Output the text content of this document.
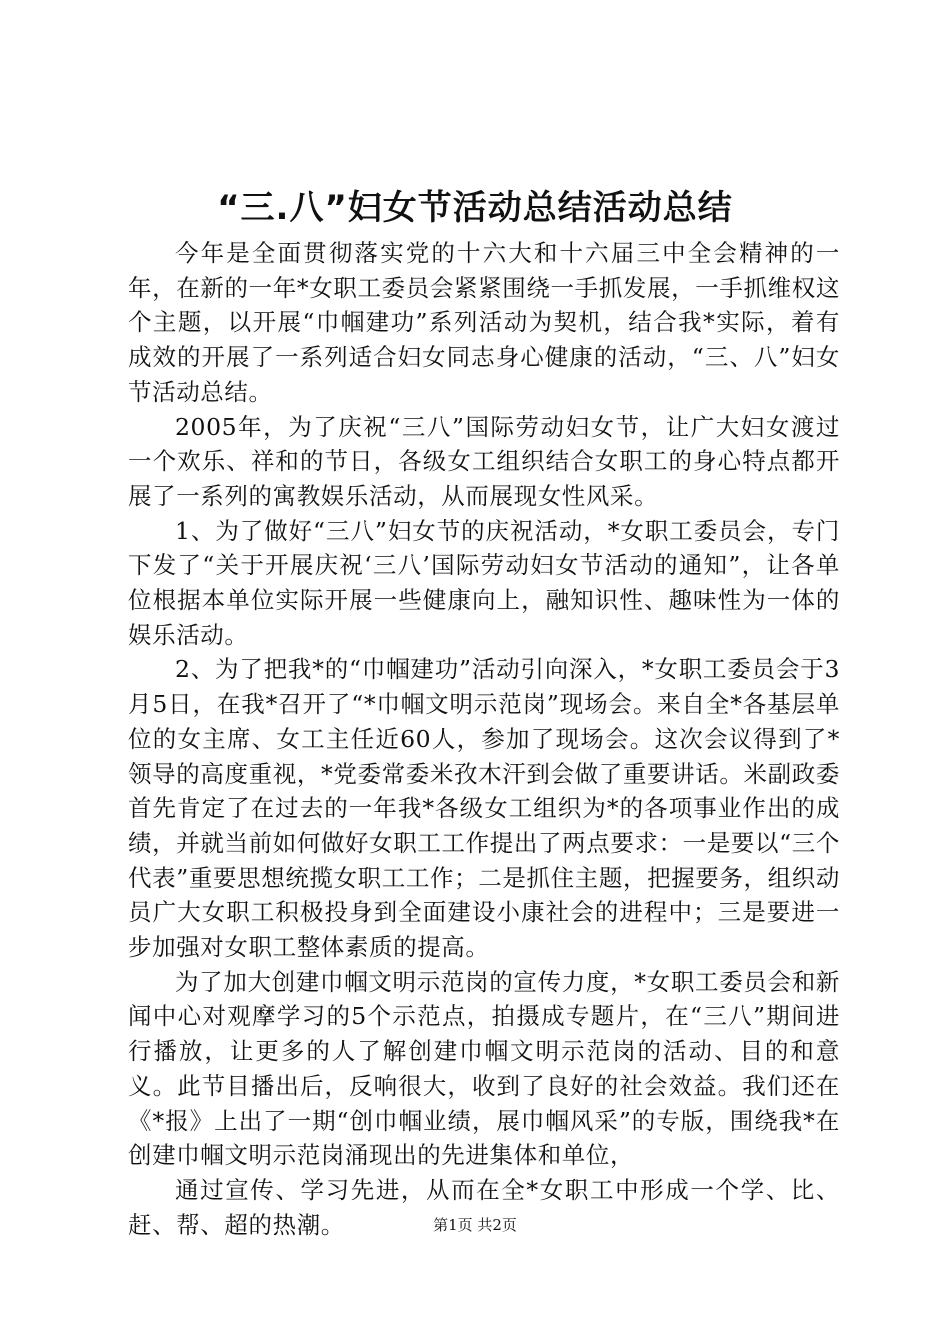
“三.八”妇女节活动总结活动总结

今年是全面贯彻落实党的十六大和十六届三中全会精神的一年，在新的一年*女职工委员会紧紧围绕一手抓发展，一手抓维权这个主题，以开展“巾帼建功”系列活动为契机，结合我*实际，着有成效的开展了一系列适合妇女同志身心健康的活动，“三、八”妇女节活动总结。

2005年，为了庆祝“三八”国际劳动妇女节，让广大妇女渡过一个欢乐、祥和的节日，各级女工组织结合女职工的身心特点都开展了一系列的寓教娱乐活动，从而展现女性风采。

1、为了做好“三八”妇女节的庆祝活动，*女职工委员会，专门下发了“关于开展庆祝‘三八’国际劳动妇女节活动的通知”，让各单位根据本单位实际开展一些健康向上，融知识性、趣味性为一体的娱乐活动。

2、为了把我*的“巾帼建功”活动引向深入，*女职工委员会于3月5日，在我*召开了“*巾帼文明示范岗”现场会。来自全*各基层单位的女主席、女工主任近60人，参加了现场会。这次会议得到了*领导的高度重视，*党委常委米孜木汗到会做了重要讲话。米副政委首先肯定了在过去的一年我*各级女工组织为*的各项事业作出的成绩，并就当前如何做好女职工工作提出了两点要求：一是要以“三个代表”重要思想统揽女职工工作；二是抓住主题，把握要务，组织动员广大女职工积极投身到全面建设小康社会的进程中；三是要进一步加强对女职工整体素质的提高。

为了加大创建巾帼文明示范岗的宣传力度，*女职工委员会和新闻中心对观摩学习的5个示范点，拍摄成专题片，在“三八”期间进行播放，让更多的人了解创建巾帼文明示范岗的活动、目的和意义。此节目播出后，反响很大，收到了良好的社会效益。我们还在《*报》上出了一期“创巾帼业绩，展巾帼风采”的专版，围绕我*在创建巾帼文明示范岗涌现出的先进集体和单位，

通过宣传、学习先进，从而在全*女职工中形成一个学、比、赶、帮、超的热潮。	第1页 共2页
